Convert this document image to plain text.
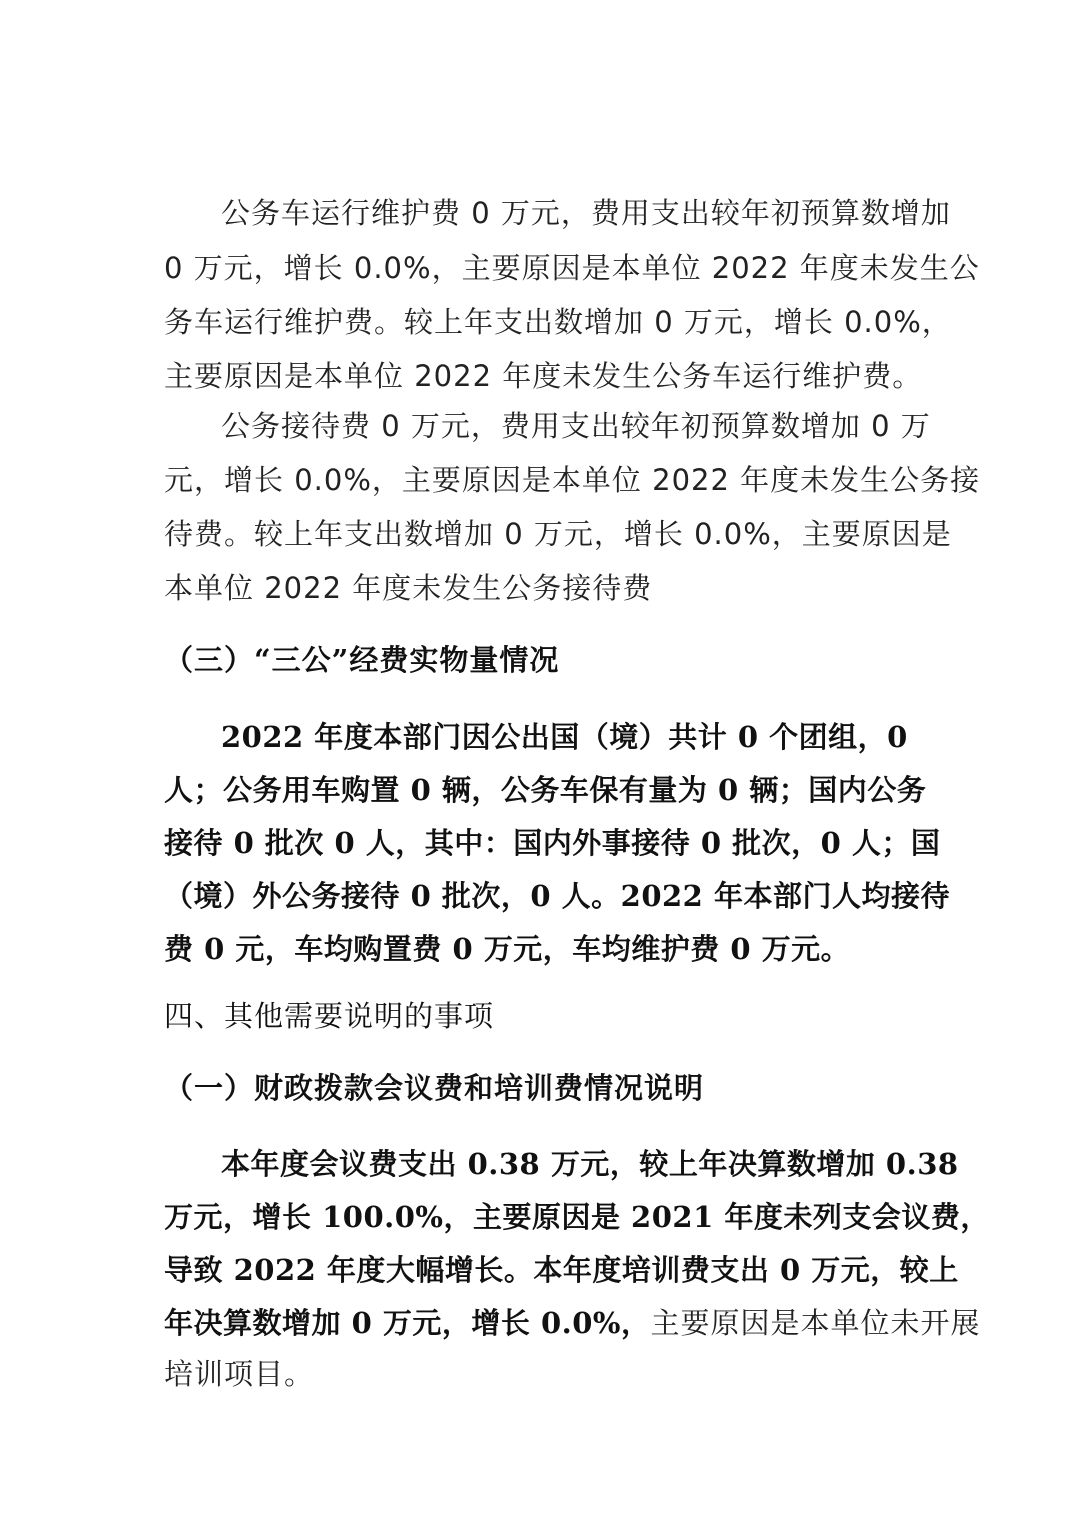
公务车运行维护费 0 万元，费用支出较年初预算数增加
0 万元，增长 0.0%，主要原因是本单位 2022 年度未发生公
务车运行维护费。较上年支出数增加 0 万元，增长 0.0%，
主要原因是本单位 2022 年度未发生公务车运行维护费。
公务接待费 0 万元，费用支出较年初预算数增加 0 万
元，增长 0.0%，主要原因是本单位 2022 年度未发生公务接
待费。较上年支出数增加 0 万元，增长 0.0%，主要原因是
本单位 2022 年度未发生公务接待费
（三）“三公”经费实物量情况
2022 年度本部门因公出国（境）共计 0 个团组，0
人；公务用车购置 0 辆，公务车保有量为 0 辆；国内公务
接待 0 批次 0 人，其中：国内外事接待 0 批次，0 人；国
（境）外公务接待 0 批次，0 人。2022 年本部门人均接待
费 0 元，车均购置费 0 万元，车均维护费 0 万元。
四、其他需要说明的事项
（一）财政拨款会议费和培训费情况说明
本年度会议费支出 0.38 万元，较上年决算数增加 0.38
万元，增长 100.0%，主要原因是 2021 年度未列支会议费，
导致 2022 年度大幅增长。本年度培训费支出 0 万元，较上
年决算数增加 0 万元，增长 0.0%，主要原因是本单位未开展
培训项目。
